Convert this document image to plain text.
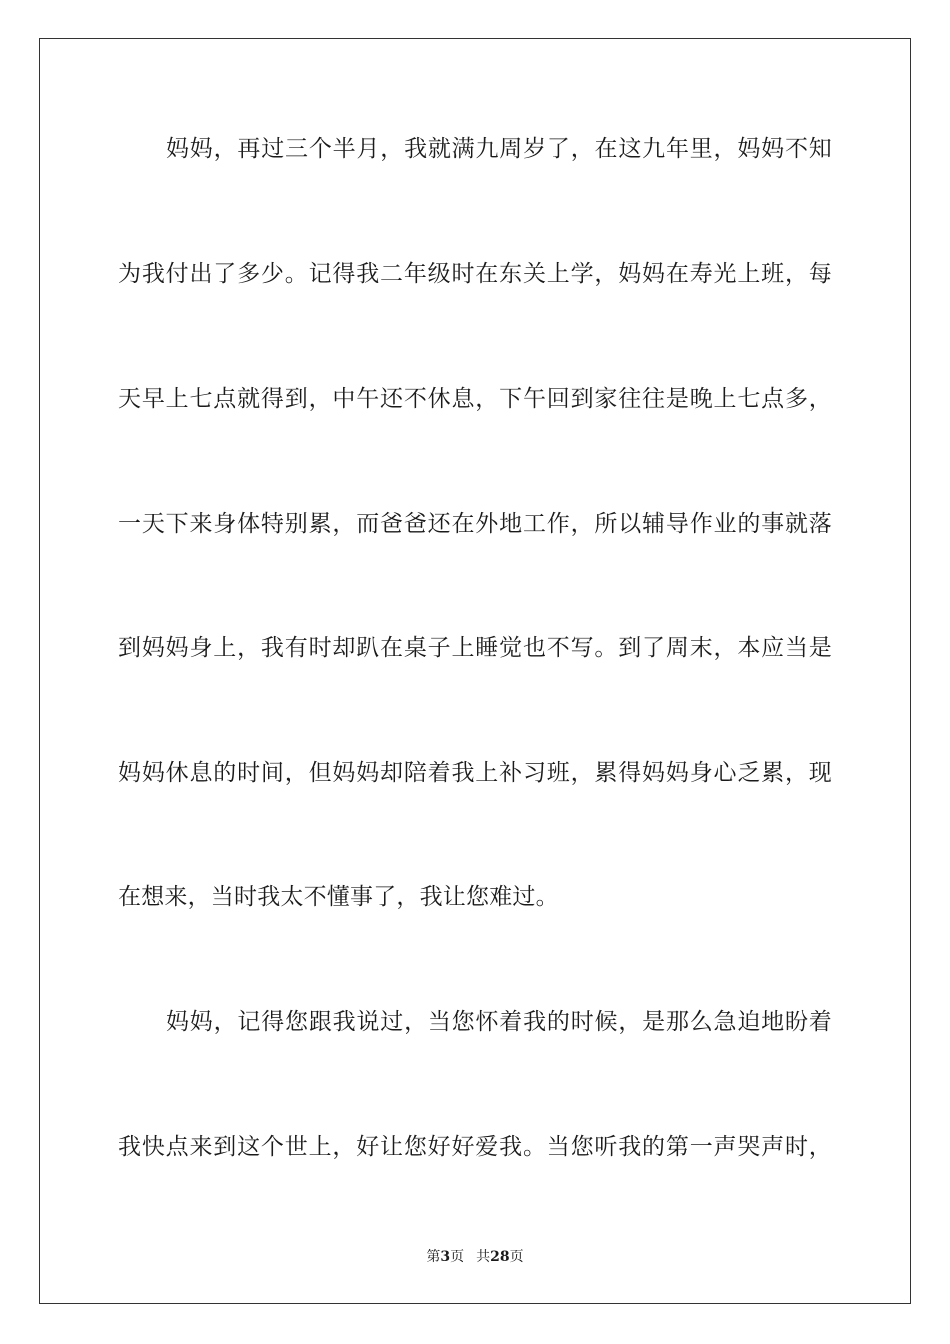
妈妈，再过三个半月，我就满九周岁了，在这九年里，妈妈不知
为我付出了多少。记得我二年级时在东关上学，妈妈在寿光上班，每
天早上七点就得到，中午还不休息，下午回到家往往是晚上七点多，
一天下来身体特别累，而爸爸还在外地工作，所以辅导作业的事就落
到妈妈身上，我有时却趴在桌子上睡觉也不写。到了周末，本应当是
妈妈休息的时间，但妈妈却陪着我上补习班，累得妈妈身心乏累，现
在想来，当时我太不懂事了，我让您难过。
妈妈，记得您跟我说过，当您怀着我的时候，是那么急迫地盼着
我快点来到这个世上，好让您好好爱我。当您听我的第一声哭声时，
第3页 共28页
